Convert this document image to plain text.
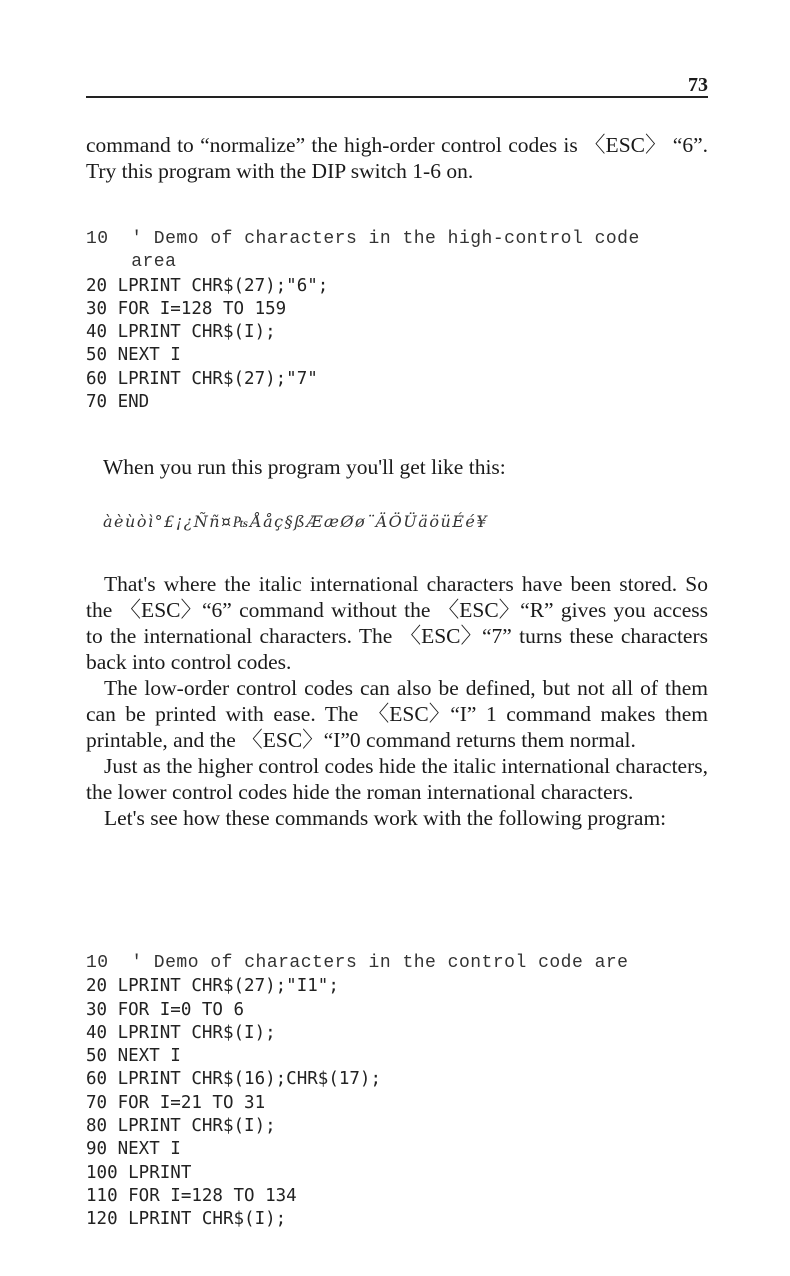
73

command to “normalize” the high-order control codes is 〈ESC〉 “6”. Try this program with the DIP switch 1-6 on.

10  ' Demo of characters in the high-control code
area
20 LPRINT CHR$(27);"6";
30 FOR I=128 TO 159
40 LPRINT CHR$(I);
50 NEXT I
60 LPRINT CHR$(27);"7"
70 END

When you run this program you'll get like this:

àèùòì°£¡¿Ññ¤₧Ååç§ßÆæØø¨ÄÖÜäöüÉé¥

That's where the italic international characters have been stored. So the 〈ESC〉“6” command without the 〈ESC〉“R” gives you access to the international characters. The 〈ESC〉“7” turns these characters back into control codes.

The low-order control codes can also be defined, but not all of them can be printed with ease. The 〈ESC〉“I” 1 command makes them printable, and the 〈ESC〉“I”0 command returns them normal.

Just as the higher control codes hide the italic international characters, the lower control codes hide the roman international characters.

Let's see how these commands work with the following program:

10  ' Demo of characters in the control code are
20 LPRINT CHR$(27);"I1";
30 FOR I=0 TO 6
40 LPRINT CHR$(I);
50 NEXT I
60 LPRINT CHR$(16);CHR$(17);
70 FOR I=21 TO 31
80 LPRINT CHR$(I);
90 NEXT I
100 LPRINT
110 FOR I=128 TO 134
120 LPRINT CHR$(I);
